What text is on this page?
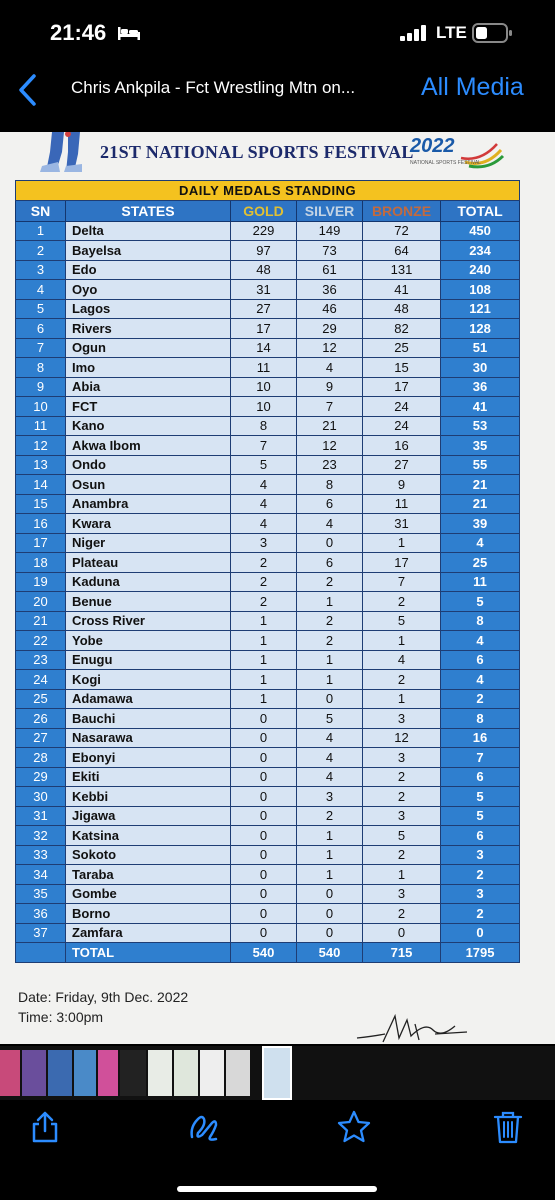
21:46	LTE
Chris Ankpila - Fct Wrestling Mtn on...	All Media
21ST NATIONAL SPORTS FESTIVAL
2022
NATIONAL SPORTS FESTIVAL
DAILY MEDALS STANDING					
SN	STATES	GOLD	SILVER	BRONZE	TOTAL
1	Delta	229	149	72	450
2	Bayelsa	97	73	64	234
3	Edo	48	61	131	240
4	Oyo	31	36	41	108
5	Lagos	27	46	48	121
6	Rivers	17	29	82	128
7	Ogun	14	12	25	51
8	Imo	11	4	15	30
9	Abia	10	9	17	36
10	FCT	10	7	24	41
11	Kano	8	21	24	53
12	Akwa Ibom	7	12	16	35
13	Ondo	5	23	27	55
14	Osun	4	8	9	21
15	Anambra	4	6	11	21
16	Kwara	4	4	31	39
17	Niger	3	0	1	4
18	Plateau	2	6	17	25
19	Kaduna	2	2	7	11
20	Benue	2	1	2	5
21	Cross River	1	2	5	8
22	Yobe	1	2	1	4
23	Enugu	1	1	4	6
24	Kogi	1	1	2	4
25	Adamawa	1	0	1	2
26	Bauchi	0	5	3	8
27	Nasarawa	0	4	12	16
28	Ebonyi	0	4	3	7
29	Ekiti	0	4	2	6
30	Kebbi	0	3	2	5
31	Jigawa	0	2	3	5
32	Katsina	0	1	5	6
33	Sokoto	0	1	2	3
34	Taraba	0	1	1	2
35	Gombe	0	0	3	3
36	Borno	0	0	2	2
37	Zamfara	0	0	0	0
	TOTAL	540	540	715	1795
Date: Friday, 9th Dec. 2022
Time: 3:00pm
